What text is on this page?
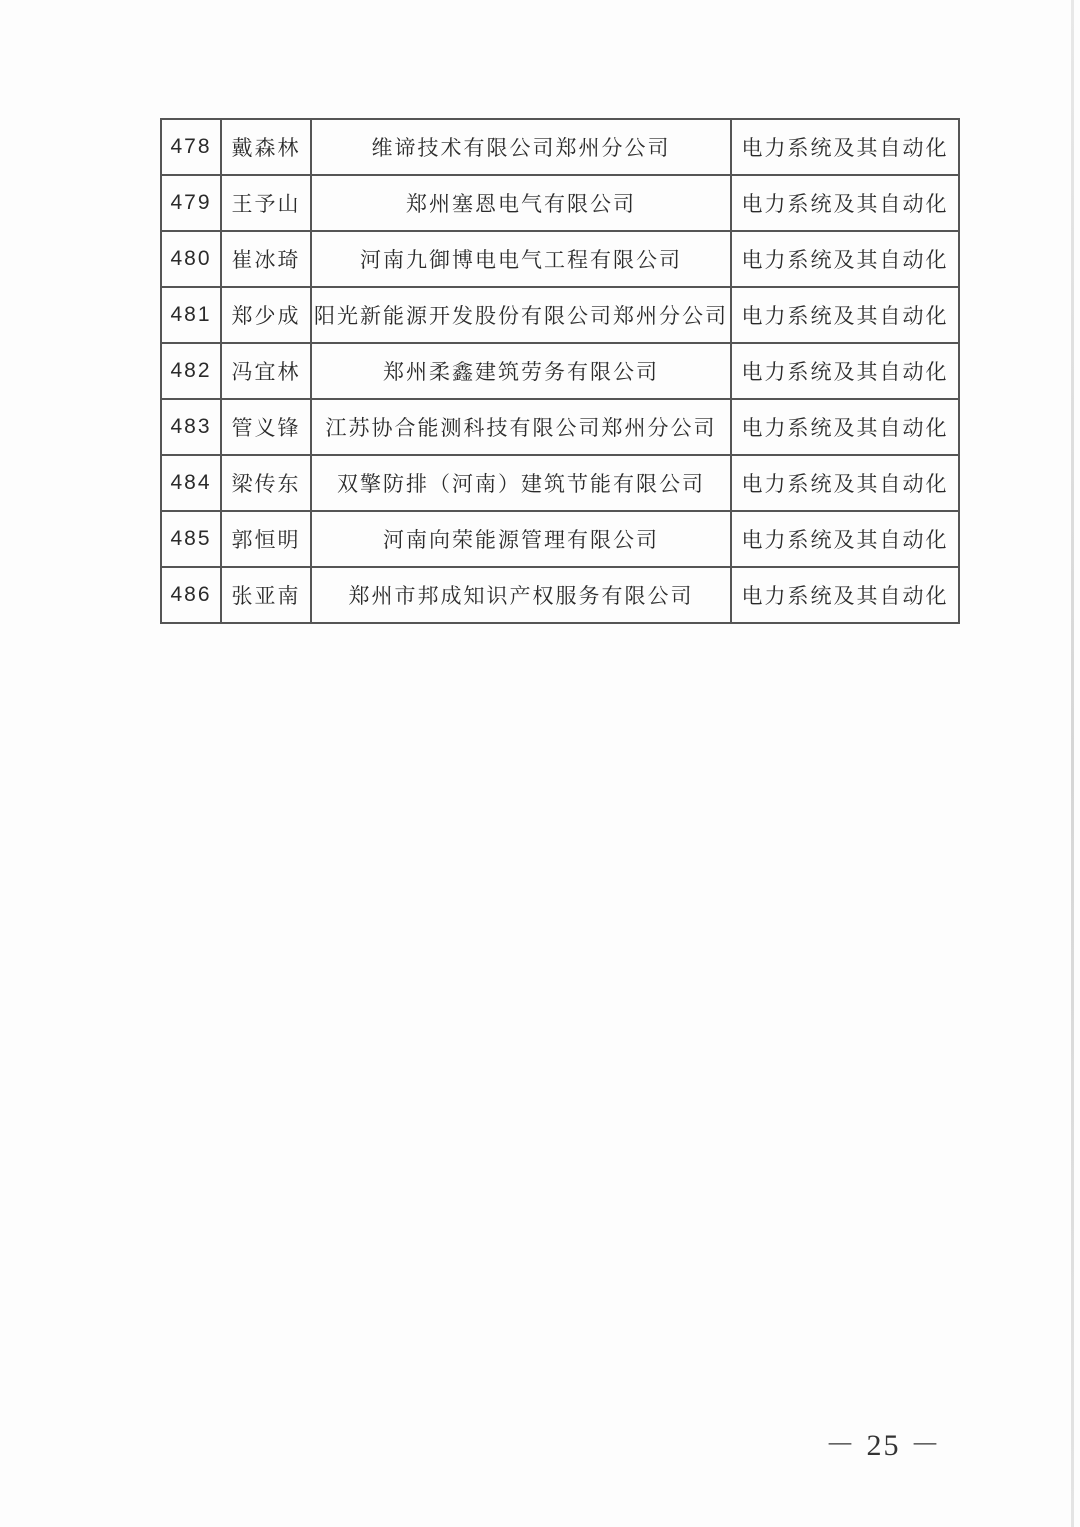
478	戴森林	维谛技术有限公司郑州分公司	电力系统及其自动化
479	王予山	郑州塞恩电气有限公司	电力系统及其自动化
480	崔冰琦	河南九御博电电气工程有限公司	电力系统及其自动化
481	郑少成	阳光新能源开发股份有限公司郑州分公司	电力系统及其自动化
482	冯宜林	郑州柔鑫建筑劳务有限公司	电力系统及其自动化
483	管义锋	江苏协合能测科技有限公司郑州分公司	电力系统及其自动化
484	梁传东	双擎防排（河南）建筑节能有限公司	电力系统及其自动化
485	郭恒明	河南向荣能源管理有限公司	电力系统及其自动化
486	张亚南	郑州市邦成知识产权服务有限公司	电力系统及其自动化
－ 25 －
